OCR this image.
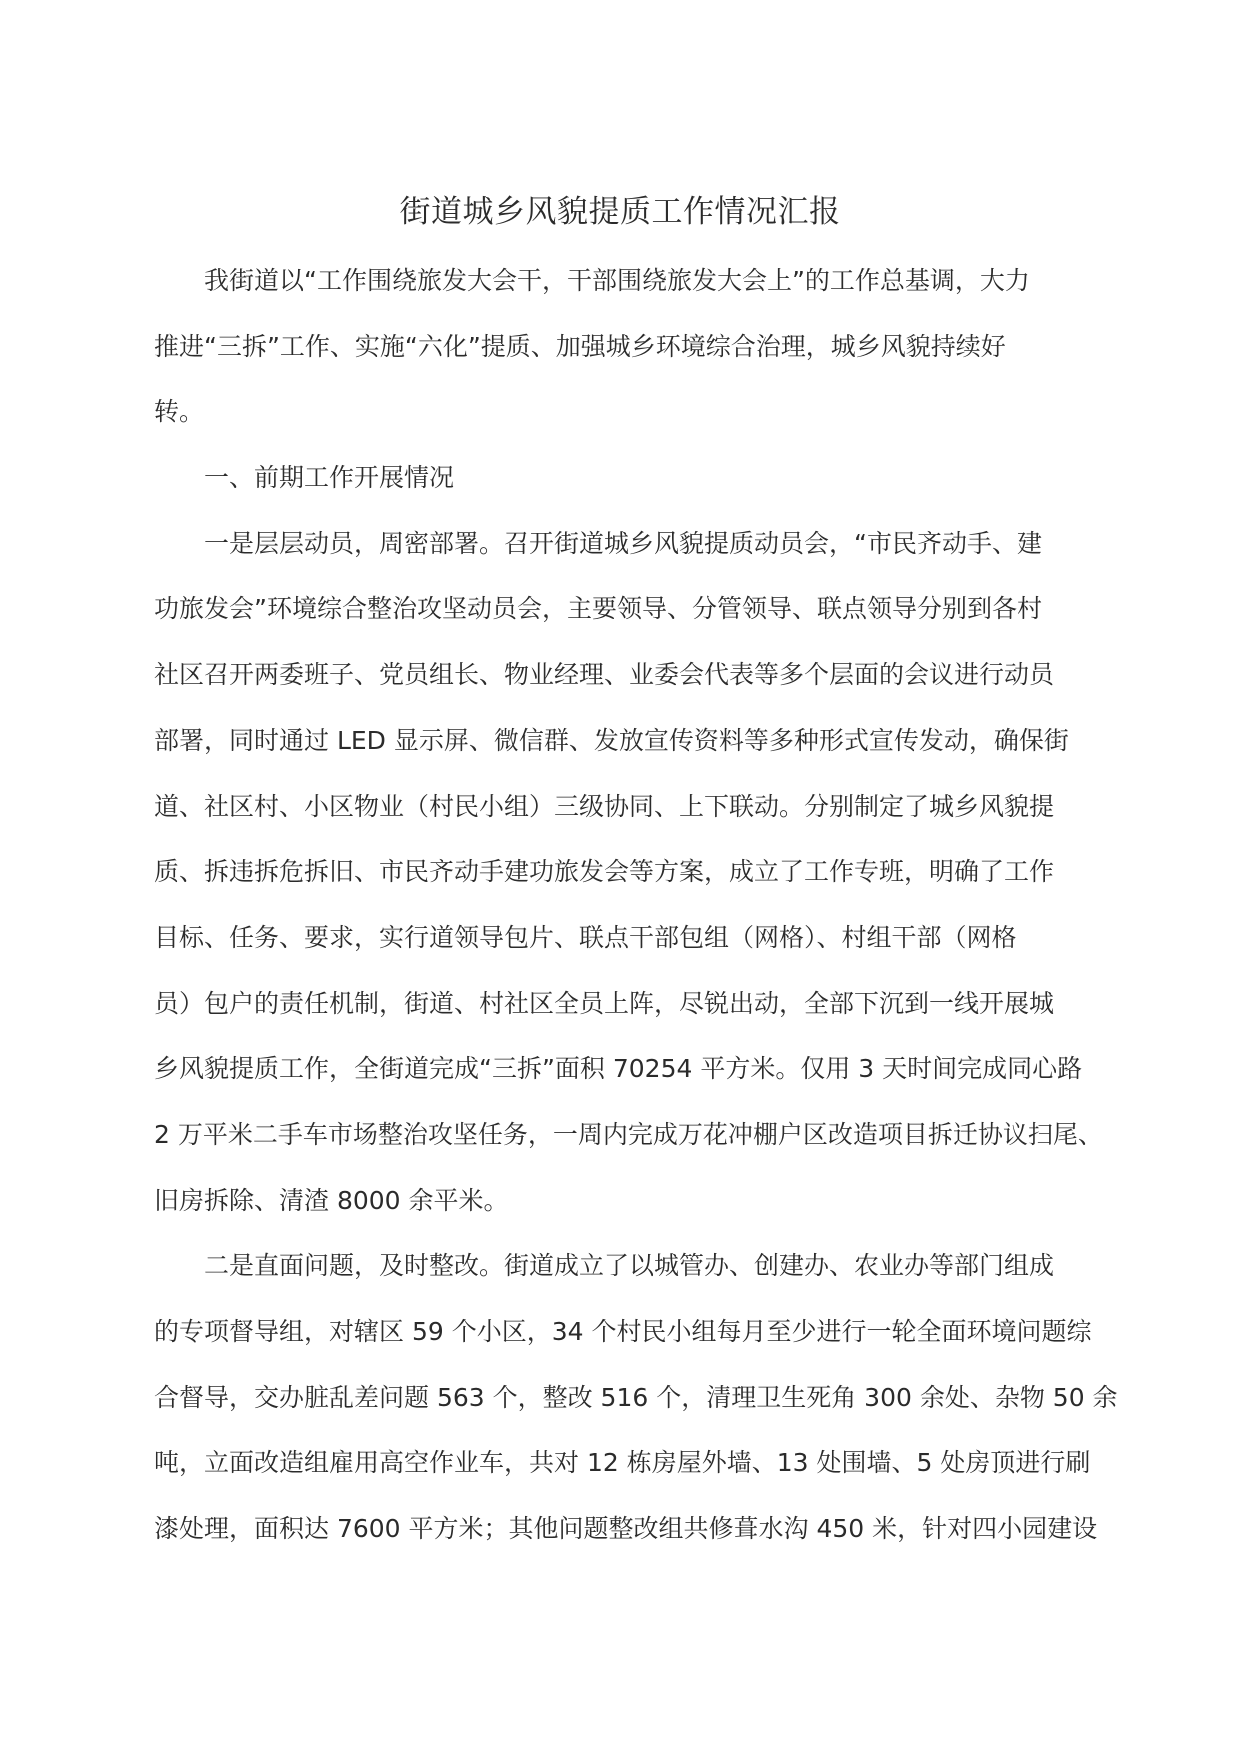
街道城乡风貌提质工作情况汇报
我街道以“工作围绕旅发大会干，干部围绕旅发大会上”的工作总基调，大力
推进“三拆”工作、实施“六化”提质、加强城乡环境综合治理，城乡风貌持续好
转。
一、前期工作开展情况
一是层层动员，周密部署。召开街道城乡风貌提质动员会，“市民齐动手、建
功旅发会”环境综合整治攻坚动员会，主要领导、分管领导、联点领导分别到各村
社区召开两委班子、党员组长、物业经理、业委会代表等多个层面的会议进行动员
部署，同时通过 LED 显示屏、微信群、发放宣传资料等多种形式宣传发动，确保街
道、社区村、小区物业（村民小组）三级协同、上下联动。分别制定了城乡风貌提
质、拆违拆危拆旧、市民齐动手建功旅发会等方案，成立了工作专班，明确了工作
目标、任务、要求，实行道领导包片、联点干部包组（网格）、村组干部（网格
员）包户的责任机制，街道、村社区全员上阵，尽锐出动，全部下沉到一线开展城
乡风貌提质工作，全街道完成“三拆”面积 70254 平方米。仅用 3 天时间完成同心路
2 万平米二手车市场整治攻坚任务，一周内完成万花冲棚户区改造项目拆迁协议扫尾、
旧房拆除、清渣 8000 余平米。
二是直面问题，及时整改。街道成立了以城管办、创建办、农业办等部门组成
的专项督导组，对辖区 59 个小区，34 个村民小组每月至少进行一轮全面环境问题综
合督导，交办脏乱差问题 563 个，整改 516 个，清理卫生死角 300 余处、杂物 50 余
吨，立面改造组雇用高空作业车，共对 12 栋房屋外墙、13 处围墙、5 处房顶进行刷
漆处理，面积达 7600 平方米；其他问题整改组共修葺水沟 450 米，针对四小园建设
